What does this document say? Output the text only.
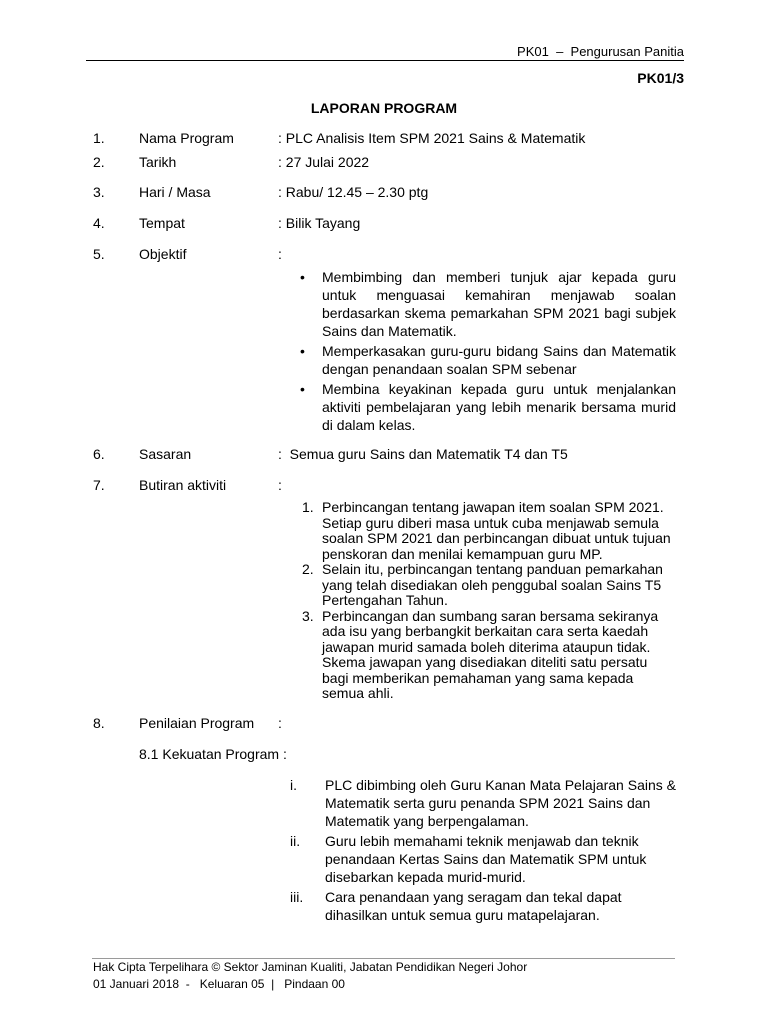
PK01  –  Pengurusan Panitia
PK01/3
LAPORAN PROGRAM
1. Nama Program	: PLC Analisis Item SPM 2021 Sains & Matematik
2. Tarikh	: 27 Julai 2022
3. Hari / Masa	: Rabu/ 12.45 – 2.30 ptg
4. Tempat	: Bilik Tayang
5. Objektif	:
• Membimbing dan memberi tunjuk ajar kepada guru untuk menguasai kemahiran menjawab soalan berdasarkan skema pemarkahan SPM 2021 bagi subjek Sains dan Matematik.
• Memperkasakan guru-guru bidang Sains dan Matematik dengan penandaan soalan SPM sebenar
• Membina keyakinan kepada guru untuk menjalankan aktiviti pembelajaran yang lebih menarik bersama murid di dalam kelas.
6. Sasaran	:  Semua guru Sains dan Matematik T4 dan T5
7. Butiran aktiviti	:
1. Perbincangan tentang jawapan item soalan SPM 2021. Setiap guru diberi masa untuk cuba menjawab semula soalan SPM 2021 dan perbincangan dibuat untuk tujuan penskoran dan menilai kemampuan guru MP.
2. Selain itu, perbincangan tentang panduan pemarkahan yang telah disediakan oleh penggubal soalan Sains T5 Pertengahan Tahun.
3. Perbincangan dan sumbang saran bersama sekiranya ada isu yang berbangkit berkaitan cara serta kaedah jawapan murid samada boleh diterima ataupun tidak. Skema jawapan yang disediakan diteliti satu persatu bagi memberikan pemahaman yang sama kepada semua ahli.
8. Penilaian Program :
8.1 Kekuatan Program :
i. PLC dibimbing oleh Guru Kanan Mata Pelajaran Sains & Matematik serta guru penanda SPM 2021 Sains dan Matematik yang berpengalaman.
ii. Guru lebih memahami teknik menjawab dan teknik penandaan Kertas Sains dan Matematik SPM untuk disebarkan kepada murid-murid.
iii. Cara penandaan yang seragam dan tekal dapat dihasilkan untuk semua guru matapelajaran.
Hak Cipta Terpelihara © Sektor Jaminan Kualiti, Jabatan Pendidikan Negeri Johor
01 Januari 2018  -   Keluaran 05  |   Pindaan 00
